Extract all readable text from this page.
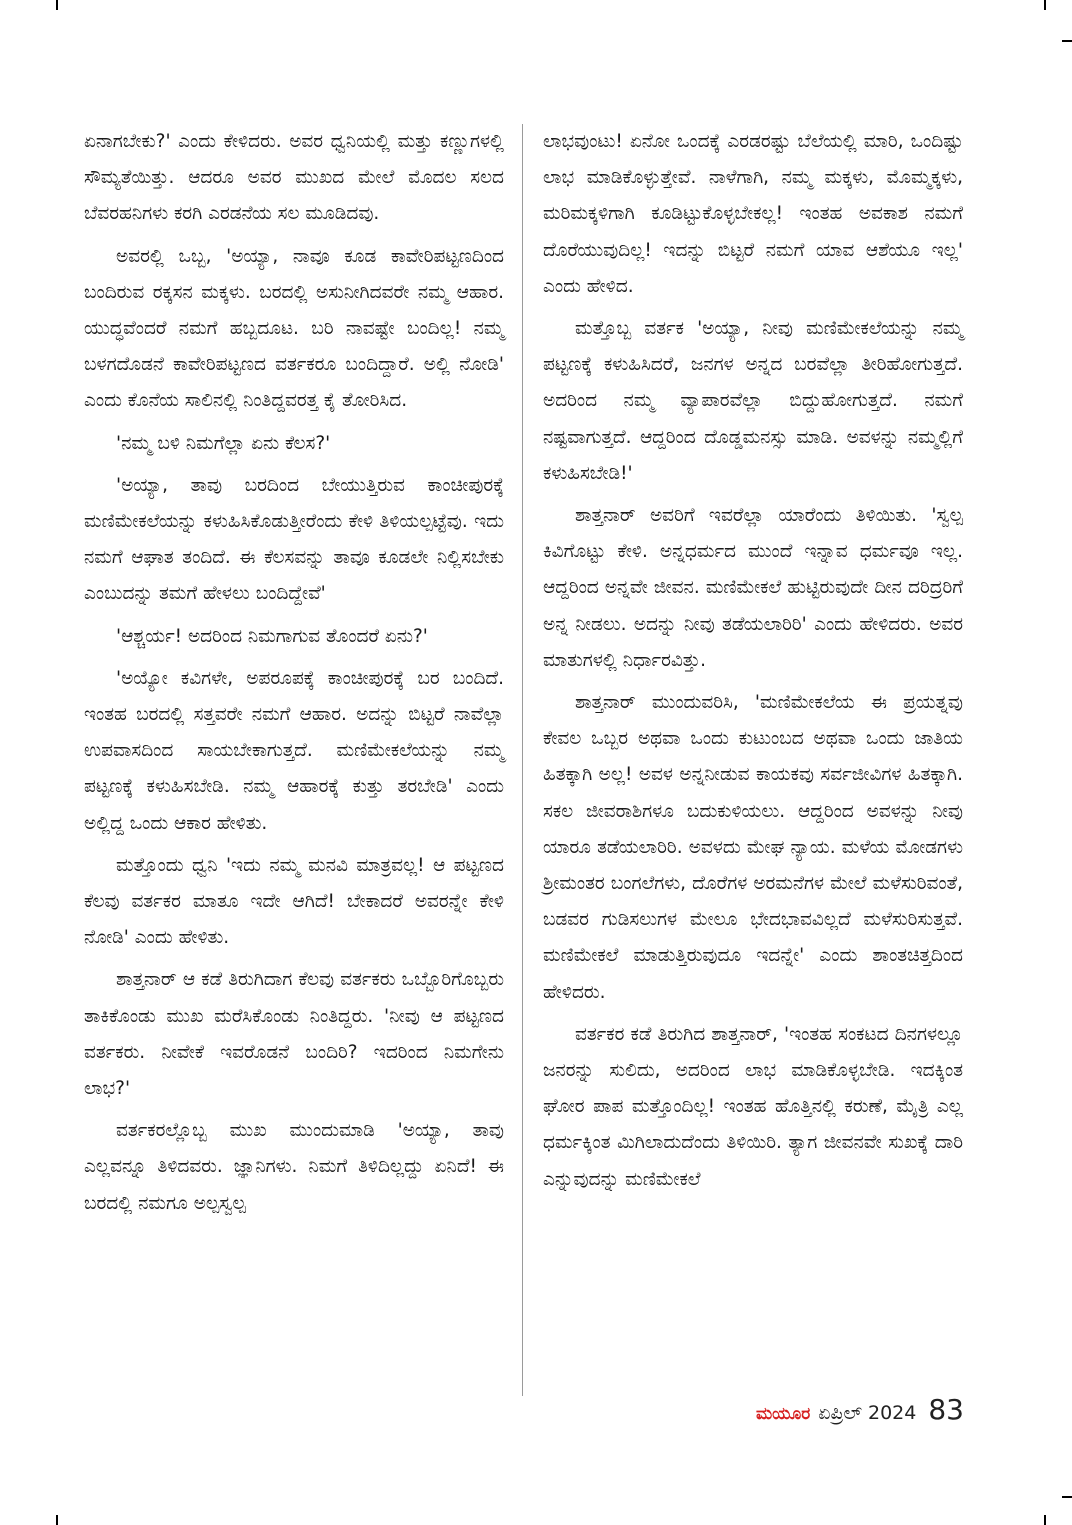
ಏನಾಗಬೇಕು?' ಎಂದು ಕೇಳಿದರು. ಅವರ ಧ್ವನಿಯಲ್ಲಿ ಮತ್ತು ಕಣ್ಣುಗಳಲ್ಲಿ ಸೌಮ್ಯತೆಯಿತ್ತು. ಆದರೂ ಅವರ ಮುಖದ ಮೇಲೆ ಮೊದಲ ಸಲದ ಬೆವರಹನಿಗಳು ಕರಗಿ ಎರಡನೆಯ ಸಲ ಮೂಡಿದವು.

ಅವರಲ್ಲಿ ಒಬ್ಬ, 'ಅಯ್ಯಾ, ನಾವೂ ಕೂಡ ಕಾವೇರಿಪಟ್ಟಣದಿಂದ ಬಂದಿರುವ ರಕ್ಕಸನ ಮಕ್ಕಳು. ಬರದಲ್ಲಿ ಅಸುನೀಗಿದವರೇ ನಮ್ಮ ಆಹಾರ. ಯುದ್ಧವೆಂದರೆ ನಮಗೆ ಹಬ್ಬದೂಟ. ಬರಿ ನಾವಷ್ಟೇ ಬಂದಿಲ್ಲ! ನಮ್ಮ ಬಳಗದೊಡನೆ ಕಾವೇರಿಪಟ್ಟಣದ ವರ್ತಕರೂ ಬಂದಿದ್ದಾರೆ. ಅಲ್ಲಿ ನೋಡಿ' ಎಂದು ಕೊನೆಯ ಸಾಲಿನಲ್ಲಿ ನಿಂತಿದ್ದವರತ್ತ ಕೈ ತೋರಿಸಿದ.

'ನಮ್ಮ ಬಳಿ ನಿಮಗೆಲ್ಲಾ ಏನು ಕೆಲಸ?'

'ಅಯ್ಯಾ, ತಾವು ಬರದಿಂದ ಬೇಯುತ್ತಿರುವ ಕಾಂಚೀಪುರಕ್ಕೆ ಮಣಿಮೇಕಲೆಯನ್ನು ಕಳುಹಿಸಿಕೊಡುತ್ತೀರೆಂದು ಕೇಳಿ ತಿಳಿಯಲ್ಪಟ್ಟೆವು. ಇದು ನಮಗೆ ಆಘಾತ ತಂದಿದೆ. ಈ ಕೆಲಸವನ್ನು ತಾವೂ ಕೂಡಲೇ ನಿಲ್ಲಿಸಬೇಕು ಎಂಬುದನ್ನು ತಮಗೆ ಹೇಳಲು ಬಂದಿದ್ದೇವೆ'

'ಆಶ್ಚರ್ಯ! ಅದರಿಂದ ನಿಮಗಾಗುವ ತೊಂದರೆ ಏನು?'

'ಅಯ್ಯೋ ಕವಿಗಳೇ, ಅಪರೂಪಕ್ಕೆ ಕಾಂಚೀಪುರಕ್ಕೆ ಬರ ಬಂದಿದೆ. ಇಂತಹ ಬರದಲ್ಲಿ ಸತ್ತವರೇ ನಮಗೆ ಆಹಾರ. ಅದನ್ನು ಬಿಟ್ಟರೆ ನಾವೆಲ್ಲಾ ಉಪವಾಸದಿಂದ ಸಾಯಬೇಕಾಗುತ್ತದೆ. ಮಣಿಮೇಕಲೆಯನ್ನು ನಮ್ಮ ಪಟ್ಟಣಕ್ಕೆ ಕಳುಹಿಸಬೇಡಿ. ನಮ್ಮ ಆಹಾರಕ್ಕೆ ಕುತ್ತು ತರಬೇಡಿ' ಎಂದು ಅಲ್ಲಿದ್ದ ಒಂದು ಆಕಾರ ಹೇಳಿತು.

ಮತ್ತೊಂದು ಧ್ವನಿ 'ಇದು ನಮ್ಮ ಮನವಿ ಮಾತ್ರವಲ್ಲ! ಆ ಪಟ್ಟಣದ ಕೆಲವು ವರ್ತಕರ ಮಾತೂ ಇದೇ ಆಗಿದೆ! ಬೇಕಾದರೆ ಅವರನ್ನೇ ಕೇಳಿ ನೋಡಿ' ಎಂದು ಹೇಳಿತು.

ಶಾತ್ತನಾರ್ ಆ ಕಡೆ ತಿರುಗಿದಾಗ ಕೆಲವು ವರ್ತಕರು ಒಬ್ಬೊರಿಗೊಬ್ಬರು ತಾಕಿಕೊಂಡು ಮುಖ ಮರೆಸಿಕೊಂಡು ನಿಂತಿದ್ದರು. 'ನೀವು ಆ ಪಟ್ಟಣದ ವರ್ತಕರು. ನೀವೇಕೆ ಇವರೊಡನೆ ಬಂದಿರಿ? ಇದರಿಂದ ನಿಮಗೇನು ಲಾಭ?'

ವರ್ತಕರಲ್ಲೊಬ್ಬ ಮುಖ ಮುಂದುಮಾಡಿ 'ಅಯ್ಯಾ, ತಾವು ಎಲ್ಲವನ್ನೂ ತಿಳಿದವರು. ಜ್ಞಾನಿಗಳು. ನಿಮಗೆ ತಿಳಿದಿಲ್ಲದ್ದು ಏನಿದೆ! ಈ ಬರದಲ್ಲಿ ನಮಗೂ ಅಲ್ಪಸ್ವಲ್ಪ

ಲಾಭವುಂಟು! ಏನೋ ಒಂದಕ್ಕೆ ಎರಡರಷ್ಟು ಬೆಲೆಯಲ್ಲಿ ಮಾರಿ, ಒಂದಿಷ್ಟು ಲಾಭ ಮಾಡಿಕೊಳ್ಳುತ್ತೇವೆ. ನಾಳೆಗಾಗಿ, ನಮ್ಮ ಮಕ್ಕಳು, ಮೊಮ್ಮಕ್ಕಳು, ಮರಿಮಕ್ಕಳಿಗಾಗಿ ಕೂಡಿಟ್ಟುಕೊಳ್ಳಬೇಕಲ್ಲ! ಇಂತಹ ಅವಕಾಶ ನಮಗೆ ದೊರೆಯುವುದಿಲ್ಲ! ಇದನ್ನು ಬಿಟ್ಟರೆ ನಮಗೆ ಯಾವ ಆಶೆಯೂ ಇಲ್ಲ' ಎಂದು ಹೇಳಿದ.

ಮತ್ತೊಬ್ಬ ವರ್ತಕ 'ಅಯ್ಯಾ, ನೀವು ಮಣಿಮೇಕಲೆಯನ್ನು ನಮ್ಮ ಪಟ್ಟಣಕ್ಕೆ ಕಳುಹಿಸಿದರೆ, ಜನಗಳ ಅನ್ನದ ಬರವೆಲ್ಲಾ ತೀರಿಹೋಗುತ್ತದೆ. ಅದರಿಂದ ನಮ್ಮ ವ್ಯಾಪಾರವೆಲ್ಲಾ ಬಿದ್ದುಹೋಗುತ್ತದೆ. ನಮಗೆ ನಷ್ಟವಾಗುತ್ತದೆ. ಆದ್ದರಿಂದ ದೊಡ್ಡಮನಸ್ಸು ಮಾಡಿ. ಅವಳನ್ನು ನಮ್ಮಲ್ಲಿಗೆ ಕಳುಹಿಸಬೇಡಿ!'

ಶಾತ್ತನಾರ್ ಅವರಿಗೆ ಇವರೆಲ್ಲಾ ಯಾರೆಂದು ತಿಳಿಯಿತು. 'ಸ್ವಲ್ಪ ಕಿವಿಗೊಟ್ಟು ಕೇಳಿ. ಅನ್ನಧರ್ಮದ ಮುಂದೆ ಇನ್ನಾವ ಧರ್ಮವೂ ಇಲ್ಲ. ಆದ್ದರಿಂದ ಅನ್ನವೇ ಜೀವನ. ಮಣಿಮೇಕಲೆ ಹುಟ್ಟಿರುವುದೇ ದೀನ ದರಿದ್ರರಿಗೆ ಅನ್ನ ನೀಡಲು. ಅದನ್ನು ನೀವು ತಡೆಯಲಾರಿರಿ' ಎಂದು ಹೇಳಿದರು. ಅವರ ಮಾತುಗಳಲ್ಲಿ ನಿರ್ಧಾರವಿತ್ತು.

ಶಾತ್ತನಾರ್ ಮುಂದುವರಿಸಿ, 'ಮಣಿಮೇಕಲೆಯ ಈ ಪ್ರಯತ್ನವು ಕೇವಲ ಒಬ್ಬರ ಅಥವಾ ಒಂದು ಕುಟುಂಬದ ಅಥವಾ ಒಂದು ಜಾತಿಯ ಹಿತಕ್ಕಾಗಿ ಅಲ್ಲ! ಅವಳ ಅನ್ನನೀಡುವ ಕಾಯಕವು ಸರ್ವಜೀವಿಗಳ ಹಿತಕ್ಕಾಗಿ. ಸಕಲ ಜೀವರಾಶಿಗಳೂ ಬದುಕುಳಿಯಲು. ಆದ್ದರಿಂದ ಅವಳನ್ನು ನೀವು ಯಾರೂ ತಡೆಯಲಾರಿರಿ. ಅವಳದು ಮೇಘ ನ್ಯಾಯ. ಮಳೆಯ ಮೋಡಗಳು ಶ್ರೀಮಂತರ ಬಂಗಲೆಗಳು, ದೊರೆಗಳ ಅರಮನೆಗಳ ಮೇಲೆ ಮಳೆಸುರಿವಂತೆ, ಬಡವರ ಗುಡಿಸಲುಗಳ ಮೇಲೂ ಭೇದಭಾವವಿಲ್ಲದೆ ಮಳೆಸುರಿಸುತ್ತವೆ. ಮಣಿಮೇಕಲೆ ಮಾಡುತ್ತಿರುವುದೂ ಇದನ್ನೇ' ಎಂದು ಶಾಂತಚಿತ್ತದಿಂದ ಹೇಳಿದರು.

ವರ್ತಕರ ಕಡೆ ತಿರುಗಿದ ಶಾತ್ತನಾರ್, 'ಇಂತಹ ಸಂಕಟದ ದಿನಗಳಲ್ಲೂ ಜನರನ್ನು ಸುಲಿದು, ಅದರಿಂದ ಲಾಭ ಮಾಡಿಕೊಳ್ಳಬೇಡಿ. ಇದಕ್ಕಿಂತ ಘೋರ ಪಾಪ ಮತ್ತೊಂದಿಲ್ಲ! ಇಂತಹ ಹೊತ್ತಿನಲ್ಲಿ ಕರುಣೆ, ಮೈತ್ರಿ ಎಲ್ಲ ಧರ್ಮಕ್ಕಿಂತ ಮಿಗಿಲಾದುದೆಂದು ತಿಳಿಯಿರಿ. ತ್ಯಾಗ ಜೀವನವೇ ಸುಖಕ್ಕೆ ದಾರಿ ಎನ್ನುವುದನ್ನು ಮಣಿಮೇಕಲೆ

ಮಯೂರ ಏಪ್ರಿಲ್ 2024 83
